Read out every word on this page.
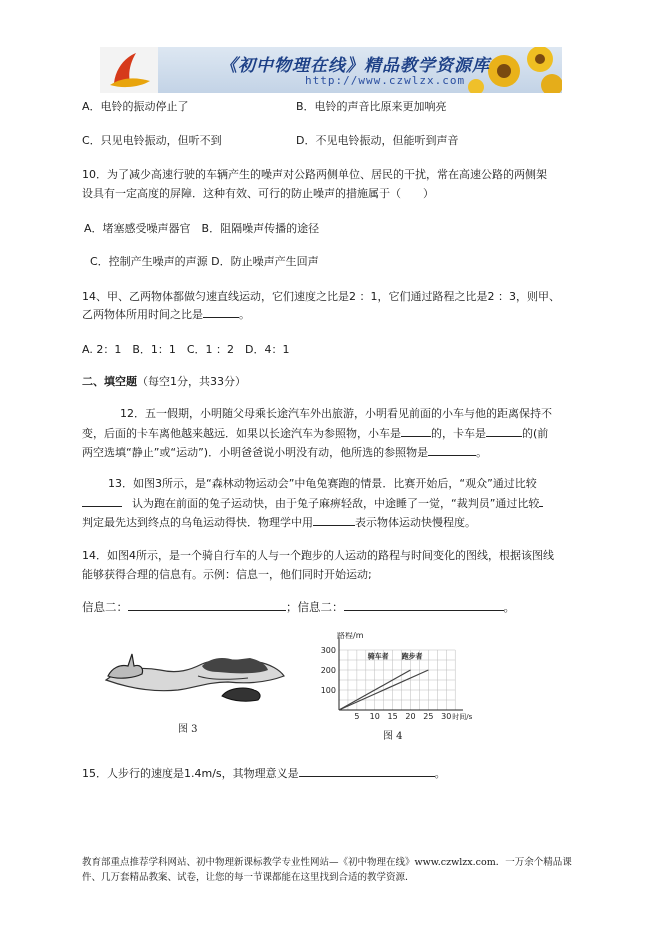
《初中物理在线》精品教学资源库
http://www.czwlzx.com
A．电铃的振动停止了	B．电铃的声音比原来更加响亮
C．只见电铃振动，但听不到	D．不见电铃振动，但能听到声音
10．为了减少高速行驶的车辆产生的噪声对公路两侧单位、居民的干扰，常在高速公路的两侧架
设具有一定高度的屏障．这种有效、可行的防止噪声的措施属于（　　）
A．堵塞感受噪声器官　B．阻隔噪声传播的途径
C．控制产生噪声的声源 D．防止噪声产生回声
14、甲、乙两物体都做匀速直线运动，它们速度之比是2 ：1，它们通过路程之比是2 ：3，则甲、
乙两物体所用时间之比是	。
A. 2：1　B．1：1　C．1 ：2　D．4：1
二、填空题（每空1分，共33分）
12．五一假期，小明随父母乘长途汽车外出旅游，小明看见前面的小车与他的距离保持不
变，后面的卡车离他越来越远．如果以长途汽车为参照物，小车是	的，卡车是	的(前
两空选填“静止”或“运动”)．小明爸爸说小明没有动，他所选的参照物是	。
13．如图3所示，是“森林动物运动会”中龟兔赛跑的情景．比赛开始后，“观众”通过比较
认为跑在前面的兔子运动快，由于兔子麻痹轻敌，中途睡了一觉，“裁判员”通过比较
判定最先达到终点的乌龟运动得快．物理学中用	表示物体运动快慢程度。
14．如图4所示，是一个骑自行车的人与一个跑步的人运动的路程与时间变化的图线，根据该图线
能够获得合理的信息有。示例：信息一，他们同时开始运动;
信息二：	；信息二：	。
图 3
100
200
300
5 10 15 20 25 30
路程/m
时间/s
骑车者 跑步者
图 4
15．人步行的速度是1.4m/s，其物理意义是	。
教育部重点推荐学科网站、初中物理新课标教学专业性网站—《初中物理在线》www.czwlzx.com．一万余个精品课
件、几万套精品教案、试卷，让您的每一节课都能在这里找到合适的教学资源．
